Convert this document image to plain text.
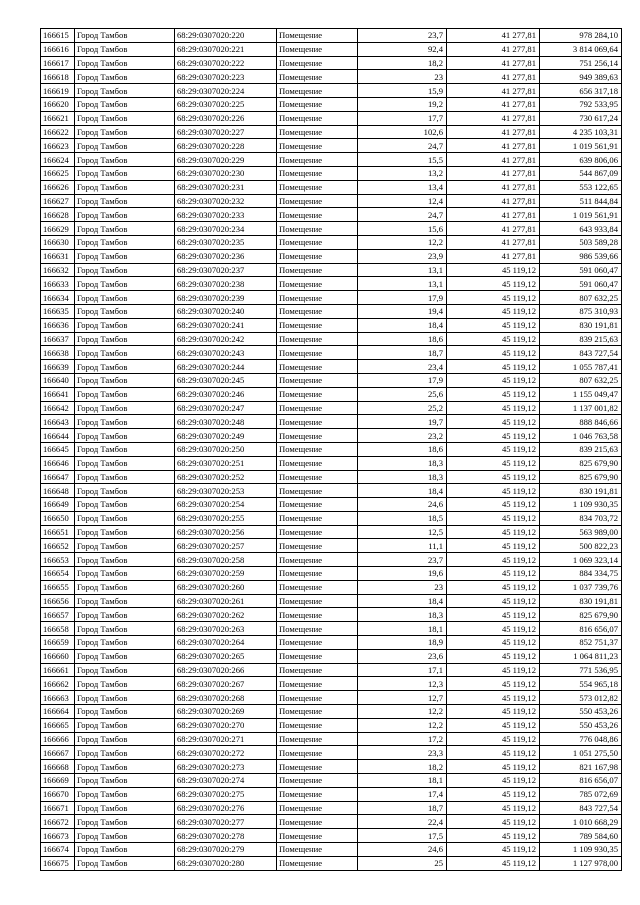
166615	Город Тамбов	68:29:0307020:220	Помещение	23,7	41 277,81	978 284,10
166616	Город Тамбов	68:29:0307020:221	Помещение	92,4	41 277,81	3 814 069,64
166617	Город Тамбов	68:29:0307020:222	Помещение	18,2	41 277,81	751 256,14
166618	Город Тамбов	68:29:0307020:223	Помещение	23	41 277,81	949 389,63
166619	Город Тамбов	68:29:0307020:224	Помещение	15,9	41 277,81	656 317,18
166620	Город Тамбов	68:29:0307020:225	Помещение	19,2	41 277,81	792 533,95
166621	Город Тамбов	68:29:0307020:226	Помещение	17,7	41 277,81	730 617,24
166622	Город Тамбов	68:29:0307020:227	Помещение	102,6	41 277,81	4 235 103,31
166623	Город Тамбов	68:29:0307020:228	Помещение	24,7	41 277,81	1 019 561,91
166624	Город Тамбов	68:29:0307020:229	Помещение	15,5	41 277,81	639 806,06
166625	Город Тамбов	68:29:0307020:230	Помещение	13,2	41 277,81	544 867,09
166626	Город Тамбов	68:29:0307020:231	Помещение	13,4	41 277,81	553 122,65
166627	Город Тамбов	68:29:0307020:232	Помещение	12,4	41 277,81	511 844,84
166628	Город Тамбов	68:29:0307020:233	Помещение	24,7	41 277,81	1 019 561,91
166629	Город Тамбов	68:29:0307020:234	Помещение	15,6	41 277,81	643 933,84
166630	Город Тамбов	68:29:0307020:235	Помещение	12,2	41 277,81	503 589,28
166631	Город Тамбов	68:29:0307020:236	Помещение	23,9	41 277,81	986 539,66
166632	Город Тамбов	68:29:0307020:237	Помещение	13,1	45 119,12	591 060,47
166633	Город Тамбов	68:29:0307020:238	Помещение	13,1	45 119,12	591 060,47
166634	Город Тамбов	68:29:0307020:239	Помещение	17,9	45 119,12	807 632,25
166635	Город Тамбов	68:29:0307020:240	Помещение	19,4	45 119,12	875 310,93
166636	Город Тамбов	68:29:0307020:241	Помещение	18,4	45 119,12	830 191,81
166637	Город Тамбов	68:29:0307020:242	Помещение	18,6	45 119,12	839 215,63
166638	Город Тамбов	68:29:0307020:243	Помещение	18,7	45 119,12	843 727,54
166639	Город Тамбов	68:29:0307020:244	Помещение	23,4	45 119,12	1 055 787,41
166640	Город Тамбов	68:29:0307020:245	Помещение	17,9	45 119,12	807 632,25
166641	Город Тамбов	68:29:0307020:246	Помещение	25,6	45 119,12	1 155 049,47
166642	Город Тамбов	68:29:0307020:247	Помещение	25,2	45 119,12	1 137 001,82
166643	Город Тамбов	68:29:0307020:248	Помещение	19,7	45 119,12	888 846,66
166644	Город Тамбов	68:29:0307020:249	Помещение	23,2	45 119,12	1 046 763,58
166645	Город Тамбов	68:29:0307020:250	Помещение	18,6	45 119,12	839 215,63
166646	Город Тамбов	68:29:0307020:251	Помещение	18,3	45 119,12	825 679,90
166647	Город Тамбов	68:29:0307020:252	Помещение	18,3	45 119,12	825 679,90
166648	Город Тамбов	68:29:0307020:253	Помещение	18,4	45 119,12	830 191,81
166649	Город Тамбов	68:29:0307020:254	Помещение	24,6	45 119,12	1 109 930,35
166650	Город Тамбов	68:29:0307020:255	Помещение	18,5	45 119,12	834 703,72
166651	Город Тамбов	68:29:0307020:256	Помещение	12,5	45 119,12	563 989,00
166652	Город Тамбов	68:29:0307020:257	Помещение	11,1	45 119,12	500 822,23
166653	Город Тамбов	68:29:0307020:258	Помещение	23,7	45 119,12	1 069 323,14
166654	Город Тамбов	68:29:0307020:259	Помещение	19,6	45 119,12	884 334,75
166655	Город Тамбов	68:29:0307020:260	Помещение	23	45 119,12	1 037 739,76
166656	Город Тамбов	68:29:0307020:261	Помещение	18,4	45 119,12	830 191,81
166657	Город Тамбов	68:29:0307020:262	Помещение	18,3	45 119,12	825 679,90
166658	Город Тамбов	68:29:0307020:263	Помещение	18,1	45 119,12	816 656,07
166659	Город Тамбов	68:29:0307020:264	Помещение	18,9	45 119,12	852 751,37
166660	Город Тамбов	68:29:0307020:265	Помещение	23,6	45 119,12	1 064 811,23
166661	Город Тамбов	68:29:0307020:266	Помещение	17,1	45 119,12	771 536,95
166662	Город Тамбов	68:29:0307020:267	Помещение	12,3	45 119,12	554 965,18
166663	Город Тамбов	68:29:0307020:268	Помещение	12,7	45 119,12	573 012,82
166664	Город Тамбов	68:29:0307020:269	Помещение	12,2	45 119,12	550 453,26
166665	Город Тамбов	68:29:0307020:270	Помещение	12,2	45 119,12	550 453,26
166666	Город Тамбов	68:29:0307020:271	Помещение	17,2	45 119,12	776 048,86
166667	Город Тамбов	68:29:0307020:272	Помещение	23,3	45 119,12	1 051 275,50
166668	Город Тамбов	68:29:0307020:273	Помещение	18,2	45 119,12	821 167,98
166669	Город Тамбов	68:29:0307020:274	Помещение	18,1	45 119,12	816 656,07
166670	Город Тамбов	68:29:0307020:275	Помещение	17,4	45 119,12	785 072,69
166671	Город Тамбов	68:29:0307020:276	Помещение	18,7	45 119,12	843 727,54
166672	Город Тамбов	68:29:0307020:277	Помещение	22,4	45 119,12	1 010 668,29
166673	Город Тамбов	68:29:0307020:278	Помещение	17,5	45 119,12	789 584,60
166674	Город Тамбов	68:29:0307020:279	Помещение	24,6	45 119,12	1 109 930,35
166675	Город Тамбов	68:29:0307020:280	Помещение	25	45 119,12	1 127 978,00
